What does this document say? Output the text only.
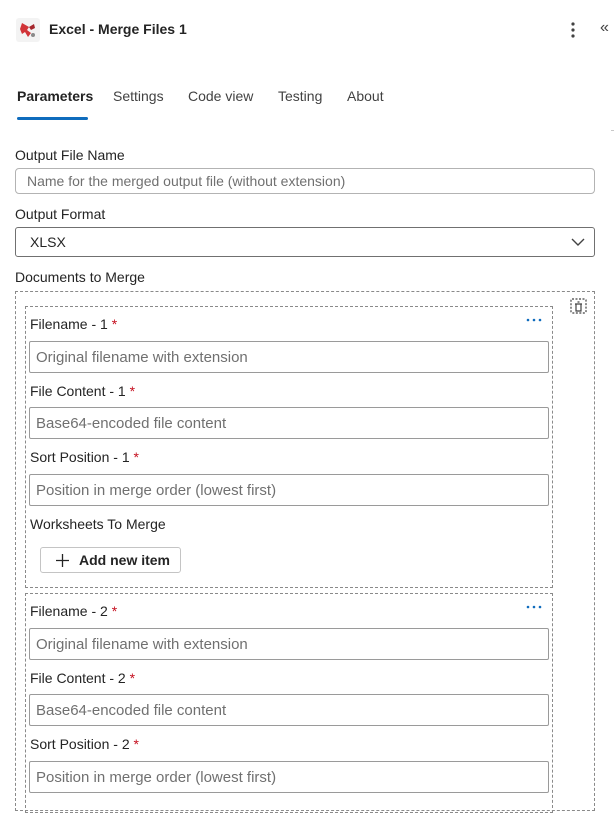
Excel - Merge Files 1	«
Parameters Settings Code view Testing About
Output File Name
Name for the merged output file (without extension)
Output Format
XLSX
Documents to Merge
Filename - 1 *
Original filename with extension
File Content - 1 *
Base64-encoded file content
Sort Position - 1 *
Position in merge order (lowest first)
Worksheets To Merge
Add new item
Filename - 2 *
Original filename with extension
File Content - 2 *
Base64-encoded file content
Sort Position - 2 *
Position in merge order (lowest first)
